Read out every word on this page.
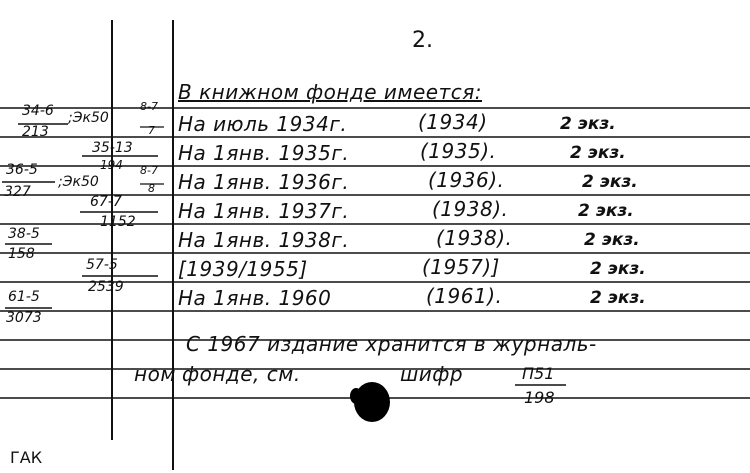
2.
В книжном фонде имеется:
На июль 1934г.	(1934)	2 экз.
На 1янв. 1935г.	(1935).	2 экз.
На 1янв. 1936г.	(1936).	2 экз.
На 1янв. 1937г.	(1938).	2 экз.
На 1янв. 1938г.	(1938).	2 экз.
[1939/1955]	(1957)]	2 экз.
На 1янв. 1960	(1961).	2 экз.
С 1967 издание хранится в журналь-
ном фонде, см.	шифр	П51
198
ГАК
34-6
213
;Эк50
8-7
7
35-13
194
36-5
327
;Эк50
8-7
8
67-7
1152
38-5
158
57-5
2539
61-5
3073
